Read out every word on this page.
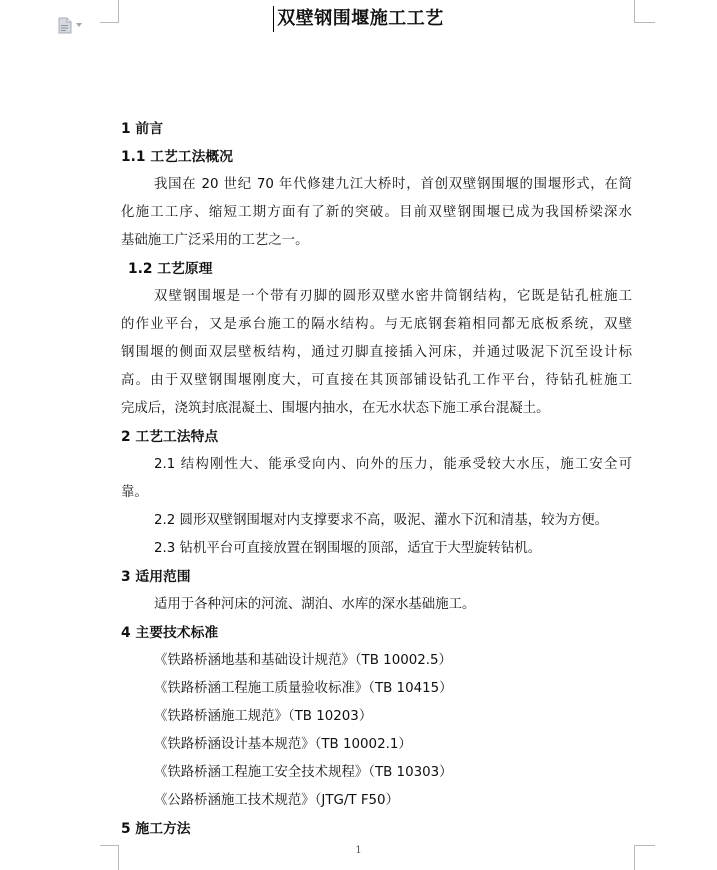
双壁钢围堰施工工艺
1 前言
1.1 工艺工法概况
我国在 20 世纪 70 年代修建九江大桥时，首创双壁钢围堰的围堰形式，在简
化施工工序、缩短工期方面有了新的突破。目前双壁钢围堰已成为我国桥梁深水
基础施工广泛采用的工艺之一。
1.2 工艺原理
双壁钢围堰是一个带有刃脚的圆形双壁水密井筒钢结构，它既是钻孔桩施工
的作业平台，又是承台施工的隔水结构。与无底钢套箱相同都无底板系统，双壁
钢围堰的侧面双层壁板结构，通过刃脚直接插入河床，并通过吸泥下沉至设计标
高。由于双壁钢围堰刚度大，可直接在其顶部铺设钻孔工作平台，待钻孔桩施工
完成后，浇筑封底混凝土、围堰内抽水，在无水状态下施工承台混凝土。
2 工艺工法特点
2.1 结构刚性大、能承受向内、向外的压力，能承受较大水压，施工安全可
靠。
2.2 圆形双壁钢围堰对内支撑要求不高，吸泥、灌水下沉和清基，较为方便。
2.3 钻机平台可直接放置在钢围堰的顶部，适宜于大型旋转钻机。
3 适用范围
适用于各种河床的河流、湖泊、水库的深水基础施工。
4 主要技术标准
《铁路桥涵地基和基础设计规范》（TB 10002.5）
《铁路桥涵工程施工质量验收标准》（TB 10415）
《铁路桥涵施工规范》（TB 10203）
《铁路桥涵设计基本规范》（TB 10002.1）
《铁路桥涵工程施工安全技术规程》（TB 10303）
《公路桥涵施工技术规范》（JTG/T F50）
5 施工方法
1
